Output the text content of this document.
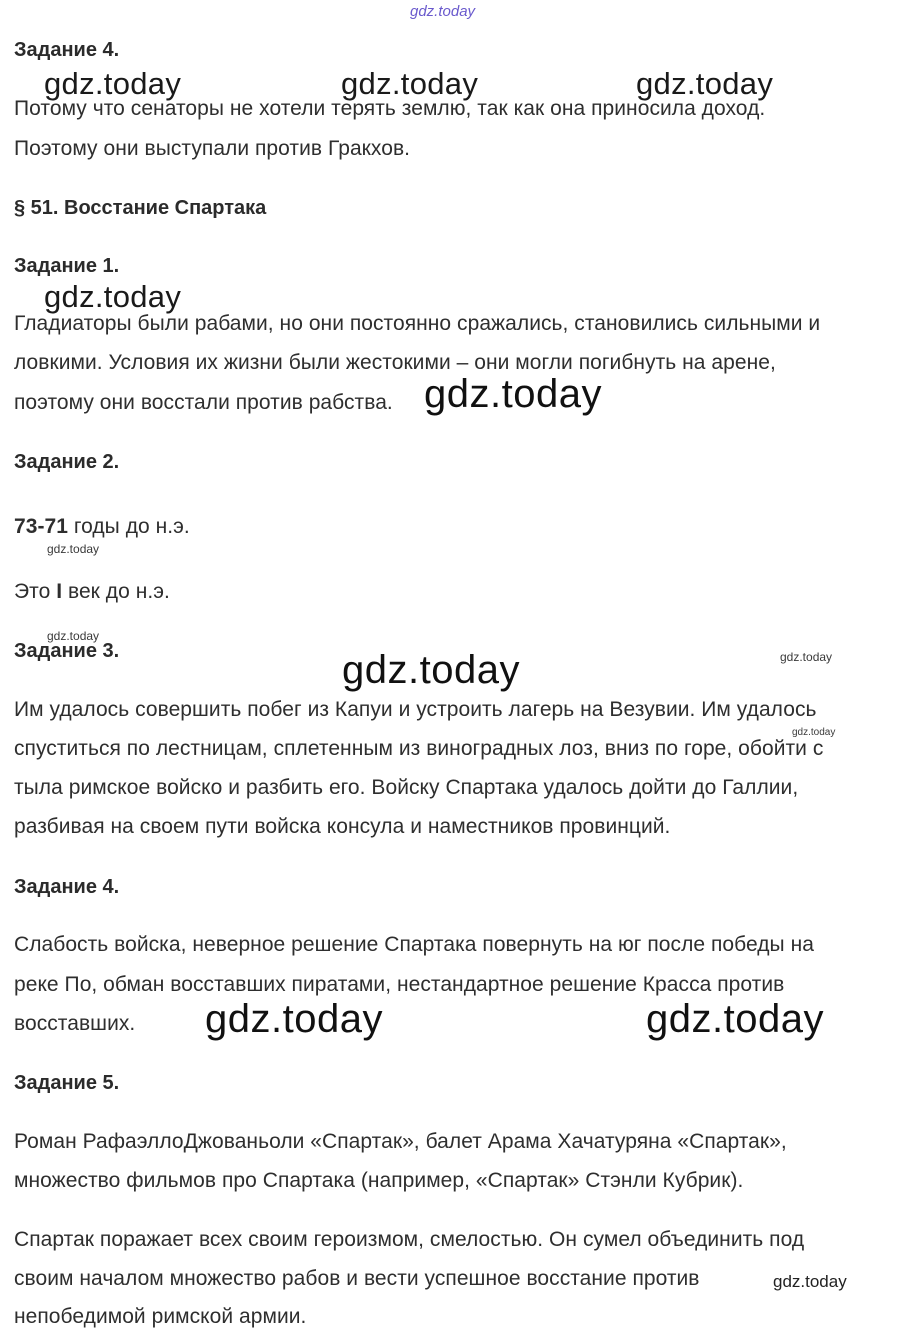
gdz.today
Задание 4.
gdz.today	gdz.today	gdz.today
Потому что сенаторы не хотели терять землю, так как она приносила доход.
Поэтому они выступали против Гракхов.
§ 51. Восстание Спартака
Задание 1.
gdz.today
Гладиаторы были рабами, но они постоянно сражались, становились сильными и
ловкими. Условия их жизни были жестокими – они могли погибнуть на арене,
поэтому они восстали против рабства. gdz.today
Задание 2.
73-71 годы до н.э.
gdz.today
Это I век до н.э.
gdz.today
Задание 3.	gdz.today
gdz.today
Им удалось совершить побег из Капуи и устроить лагерь на Везувии. Им удалось
gdz.today
спуститься по лестницам, сплетенным из виноградных лоз, вниз по горе, обойти с
тыла римское войско и разбить его. Войску Спартака удалось дойти до Галлии,
разбивая на своем пути войска консула и наместников провинций.
Задание 4.
Слабость войска, неверное решение Спартака повернуть на юг после победы на
реке По, обман восставших пиратами, нестандартное решение Красса против
восставших. gdz.today	gdz.today
Задание 5.
Роман РафаэллоДжованьоли «Спартак», балет Арама Хачатуряна «Спартак»,
множество фильмов про Спартака (например, «Спартак» Стэнли Кубрик).
Спартак поражает всех своим героизмом, смелостью. Он сумел объединить под
своим началом множество рабов и вести успешное восстание против	gdz.today
непобедимой римской армии.
